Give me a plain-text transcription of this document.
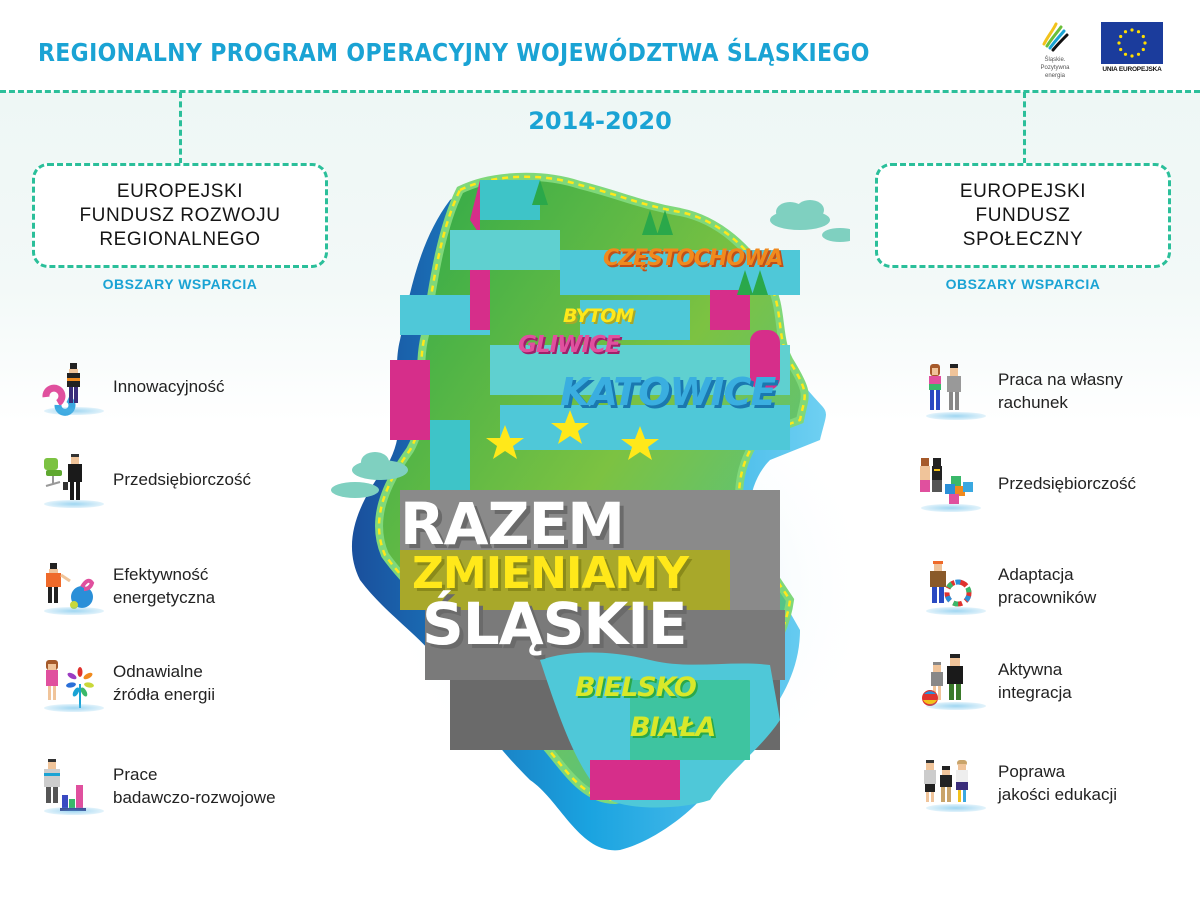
REGIONALNY PROGRAM OPERACYJNY WOJEWÓDZTWA ŚLĄSKIEGO	Śląskie.
Pozytywna energia
UNIA EUROPEJSKA
2014-2020
EUROPEJSKI
FUNDUSZ ROZWOJU
REGIONALNEGO
OBSZARY WSPARCIA
EUROPEJSKI
FUNDUSZ
SPOŁECZNY
OBSZARY WSPARCIA
Innowacyjność
Przedsiębiorczość
Efektywność
energetyczna
Odnawialne
źródła energii
Prace
badawczo-rozwojowe
Praca na własny
rachunek
Przedsiębiorczość
Adaptacja
pracowników
Aktywna
integracja
Poprawa
jakości edukacji
CZĘSTOCHOWA
BYTOM
GLIWICE
KATOWICE
RAZEM
ZMIENIAMY
ŚLĄSKIE
BIELSKO
BIAŁA
